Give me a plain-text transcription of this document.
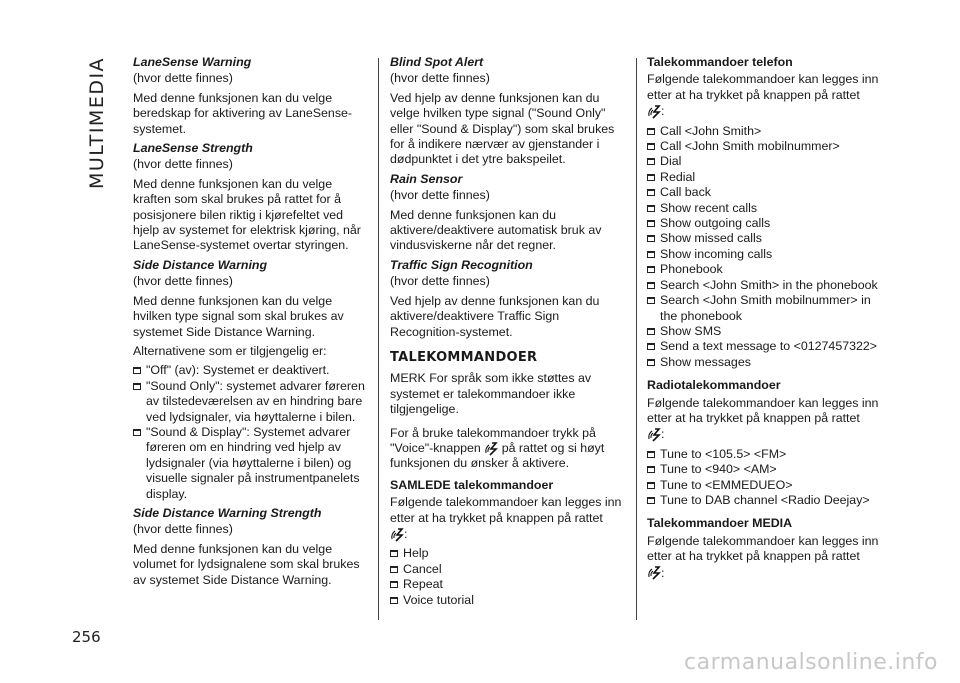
MULTIMEDIA
256
LaneSense Warning
(hvor dette finnes)
Med denne funksjonen kan du velge beredskap for aktivering av LaneSense-systemet.
LaneSense Strength
(hvor dette finnes)
Med denne funksjonen kan du velge kraften som skal brukes på rattet for å posisjonere bilen riktig i kjørefeltet ved hjelp av systemet for elektrisk kjøring, når LaneSense-systemet overtar styringen.
Side Distance Warning
(hvor dette finnes)
Med denne funksjonen kan du velge hvilken type signal som skal brukes av systemet Side Distance Warning.
Alternativene som er tilgjengelig er:
"Off" (av): Systemet er deaktivert.
"Sound Only": systemet advarer føreren av tilstedeværelsen av en hindring bare ved lydsignaler, via høyttalerne i bilen.
"Sound & Display": Systemet advarer føreren om en hindring ved hjelp av lydsignaler (via høyttalerne i bilen) og visuelle signaler på instrumentpanelets display.
Side Distance Warning Strength
(hvor dette finnes)
Med denne funksjonen kan du velge volumet for lydsignalene som skal brukes av systemet Side Distance Warning.
Blind Spot Alert
(hvor dette finnes)
Ved hjelp av denne funksjonen kan du velge hvilken type signal ("Sound Only" eller "Sound & Display") som skal brukes for å indikere nærvær av gjenstander i dødpunktet i det ytre bakspeilet.
Rain Sensor
(hvor dette finnes)
Med denne funksjonen kan du aktivere/deaktivere automatisk bruk av vindusviskerne når det regner.
Traffic Sign Recognition
(hvor dette finnes)
Ved hjelp av denne funksjonen kan du aktivere/deaktivere Traffic Sign Recognition-systemet.
TALEKOMMANDOER
MERK For språk som ikke støttes av systemet er talekommandoer ikke tilgjengelige.
For å bruke talekommandoer trykk på "Voice"-knappen på rattet og si høyt funksjonen du ønsker å aktivere.
SAMLEDE talekommandoer
Følgende talekommandoer kan legges inn etter at ha trykket på knappen på rattet
:
Help
Cancel
Repeat
Voice tutorial
Talekommandoer telefon
Følgende talekommandoer kan legges inn etter at ha trykket på knappen på rattet
:
Call <John Smith>
Call <John Smith mobilnummer>
Dial
Redial
Call back
Show recent calls
Show outgoing calls
Show missed calls
Show incoming calls
Phonebook
Search <John Smith> in the phonebook
Search <John Smith mobilnummer> in the phonebook
Show SMS
Send a text message to <0127457322>
Show messages
Radiotalekommandoer
Følgende talekommandoer kan legges inn etter at ha trykket på knappen på rattet
:
Tune to <105.5> <FM>
Tune to <940> <AM>
Tune to <EMMEDUEO>
Tune to DAB channel <Radio Deejay>
Talekommandoer MEDIA
Følgende talekommandoer kan legges inn etter at ha trykket på knappen på rattet
:
carmanualsonline.info
